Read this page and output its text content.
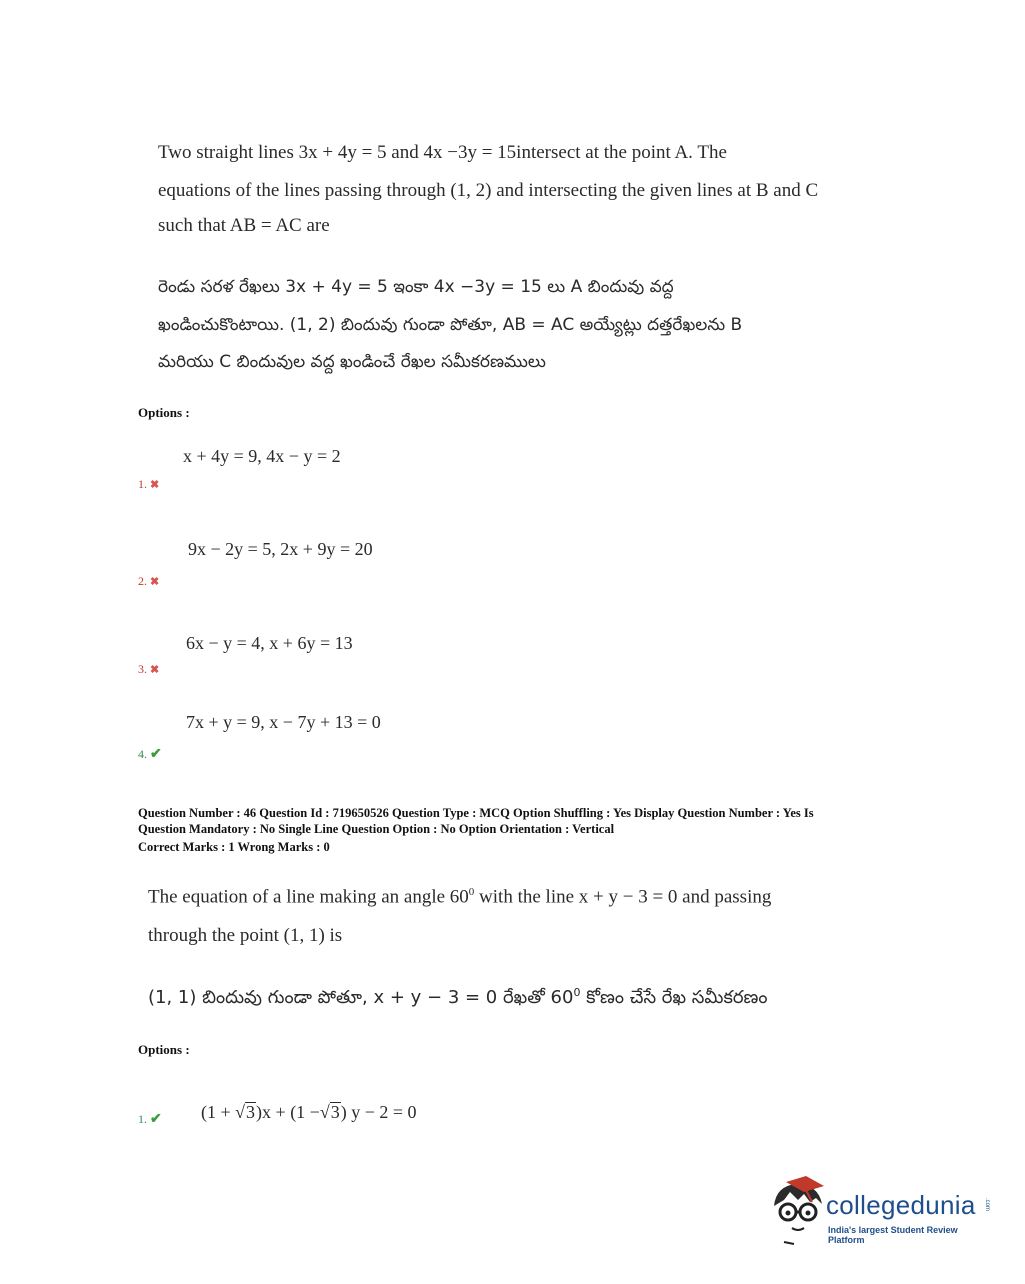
Two straight lines 3x + 4y = 5 and 4x −3y = 15intersect at the point A. The
equations of the lines passing through (1, 2) and intersecting the given lines at B and C
such that AB = AC are
రెండు సరళ రేఖలు 3x + 4y = 5 ఇంకా 4x −3y = 15 లు A బిందువు వద్ద
ఖండించుకొంటాయి. (1, 2) బిందువు గుండా పోతూ, AB = AC అయ్యేట్లు దత్తరేఖలను B
మరియు C బిందువుల వద్ద ఖండించే రేఖల సమీకరణములు
Options :
x + 4y = 9, 4x − y = 2
1. ✖
9x − 2y = 5, 2x + 9y = 20
2. ✖
6x − y = 4, x + 6y = 13
3. ✖
7x + y = 9, x − 7y + 13 = 0
4. ✔
Question Number : 46 Question Id : 719650526 Question Type : MCQ Option Shuffling : Yes Display Question Number : Yes Is
Question Mandatory : No Single Line Question Option : No Option Orientation : Vertical
Correct Marks : 1 Wrong Marks : 0
The equation of a line making an angle $60^0$ with the line x + y − 3 = 0 and passing
through the point (1, 1) is
(1, 1) బిందువు గుండా పోతూ, x + y − 3 = 0 రేఖతో $60^0$ కోణం చేసే రేఖ సమీకరణం
Options :

(1 + √3)x + (1 −√3) y − 2 = 0

1. ✔
collegedunia .com
India's largest Student Review Platform
